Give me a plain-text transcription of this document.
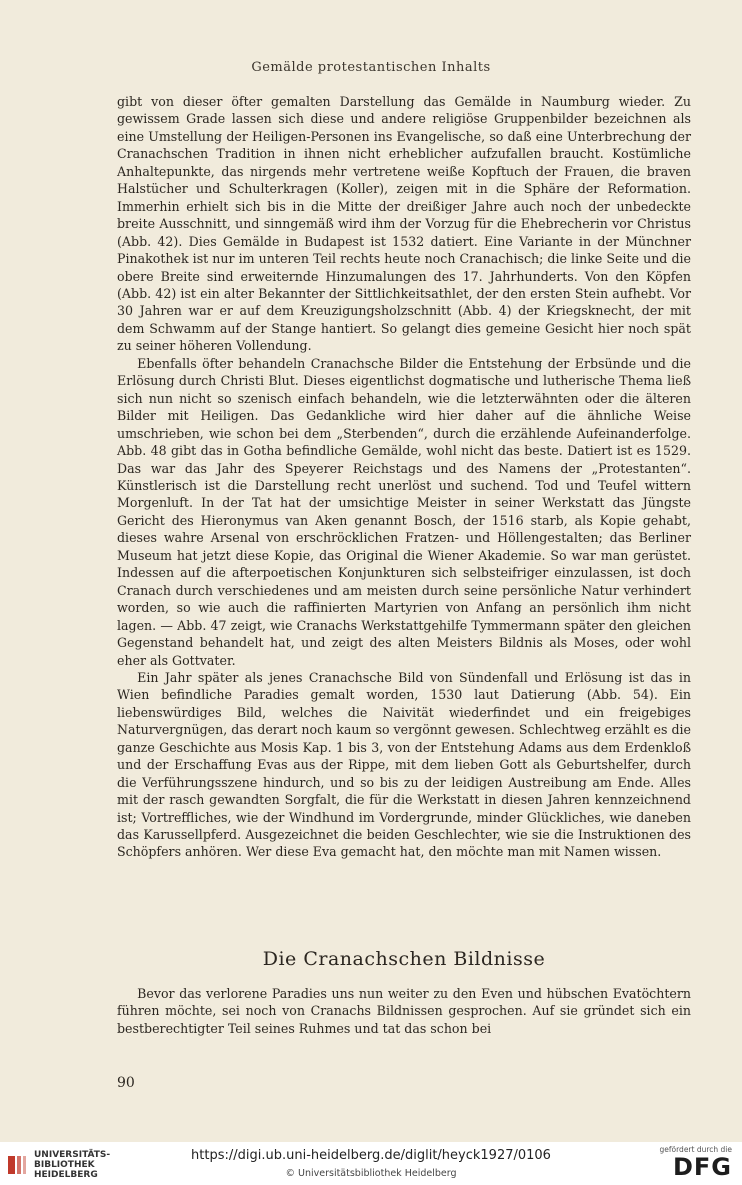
Gemälde protestantischen Inhalts

gibt von dieser öfter gemalten Darstellung das Gemälde in Naumburg wieder. Zu gewissem Grade lassen sich diese und andere religiöse Gruppenbilder bezeichnen als eine Umstellung der Heiligen-Personen ins Evangelische, so daß eine Unterbrechung der Cranachschen Tradition in ihnen nicht erheblicher aufzufallen braucht. Kostümliche Anhaltepunkte, das nirgends mehr vertretene weiße Kopftuch der Frauen, die braven Halstücher und Schulterkragen (Koller), zeigen mit in die Sphäre der Reformation. Immerhin erhielt sich bis in die Mitte der dreißiger Jahre auch noch der unbedeckte breite Ausschnitt, und sinngemäß wird ihm der Vorzug für die Ehebrecherin vor Christus (Abb. 42). Dies Gemälde in Budapest ist 1532 datiert. Eine Variante in der Münchner Pinakothek ist nur im unteren Teil rechts heute noch Cranachisch; die linke Seite und die obere Breite sind erweiternde Hinzumalungen des 17. Jahrhunderts. Von den Köpfen (Abb. 42) ist ein alter Bekannter der Sittlichkeitsathlet, der den ersten Stein aufhebt. Vor 30 Jahren war er auf dem Kreuzigungsholzschnitt (Abb. 4) der Kriegsknecht, der mit dem Schwamm auf der Stange hantiert. So gelangt dies gemeine Gesicht hier noch spät zu seiner höheren Vollendung.

Ebenfalls öfter behandeln Cranachsche Bilder die Entstehung der Erbsünde und die Erlösung durch Christi Blut. Dieses eigentlichst dogmatische und lutherische Thema ließ sich nun nicht so szenisch einfach behandeln, wie die letzterwähnten oder die älteren Bilder mit Heiligen. Das Gedankliche wird hier daher auf die ähnliche Weise umschrieben, wie schon bei dem „Sterbenden“, durch die erzählende Aufeinanderfolge. Abb. 48 gibt das in Gotha befindliche Gemälde, wohl nicht das beste. Datiert ist es 1529. Das war das Jahr des Speyerer Reichstags und des Namens der „Protestanten“. Künstlerisch ist die Darstellung recht unerlöst und suchend. Tod und Teufel wittern Morgenluft. In der Tat hat der umsichtige Meister in seiner Werkstatt das Jüngste Gericht des Hieronymus van Aken genannt Bosch, der 1516 starb, als Kopie gehabt, dieses wahre Arsenal von erschröcklichen Fratzen- und Höllengestalten; das Berliner Museum hat jetzt diese Kopie, das Original die Wiener Akademie. So war man gerüstet. Indessen auf die afterpoetischen Konjunkturen sich selbsteifriger einzulassen, ist doch Cranach durch verschiedenes und am meisten durch seine persönliche Natur verhindert worden, so wie auch die raffinierten Martyrien von Anfang an persönlich ihm nicht lagen. — Abb. 47 zeigt, wie Cranachs Werkstattgehilfe Tymmermann später den gleichen Gegenstand behandelt hat, und zeigt des alten Meisters Bildnis als Moses, oder wohl eher als Gottvater.

Ein Jahr später als jenes Cranachsche Bild von Sündenfall und Erlösung ist das in Wien befindliche Paradies gemalt worden, 1530 laut Datierung (Abb. 54). Ein liebenswürdiges Bild, welches die Naivität wiederfindet und ein freigebiges Naturvergnügen, das derart noch kaum so vergönnt gewesen. Schlechtweg erzählt es die ganze Geschichte aus Mosis Kap. 1 bis 3, von der Entstehung Adams aus dem Erdenkloß und der Erschaffung Evas aus der Rippe, mit dem lieben Gott als Geburtshelfer, durch die Verführungsszene hindurch, und so bis zu der leidigen Austreibung am Ende. Alles mit der rasch gewandten Sorgfalt, die für die Werkstatt in diesen Jahren kennzeichnend ist; Vortreffliches, wie der Windhund im Vordergrunde, minder Glückliches, wie daneben das Karussellpferd. Ausgezeichnet die beiden Geschlechter, wie sie die Instruktionen des Schöpfers anhören. Wer diese Eva gemacht hat, den möchte man mit Namen wissen.

Die Cranachschen Bildnisse

Bevor das verlorene Paradies uns nun weiter zu den Even und hübschen Evatöchtern führen möchte, sei noch von Cranachs Bildnissen gesprochen. Auf sie gründet sich ein bestberechtigter Teil seines Ruhmes und tat das schon bei

90
UNIVERSITÄTS-
BIBLIOTHEK
HEIDELBERG
https://digi.ub.uni-heidelberg.de/diglit/heyck1927/0106
© Universitätsbibliothek Heidelberg
gefördert durch die
DFG
